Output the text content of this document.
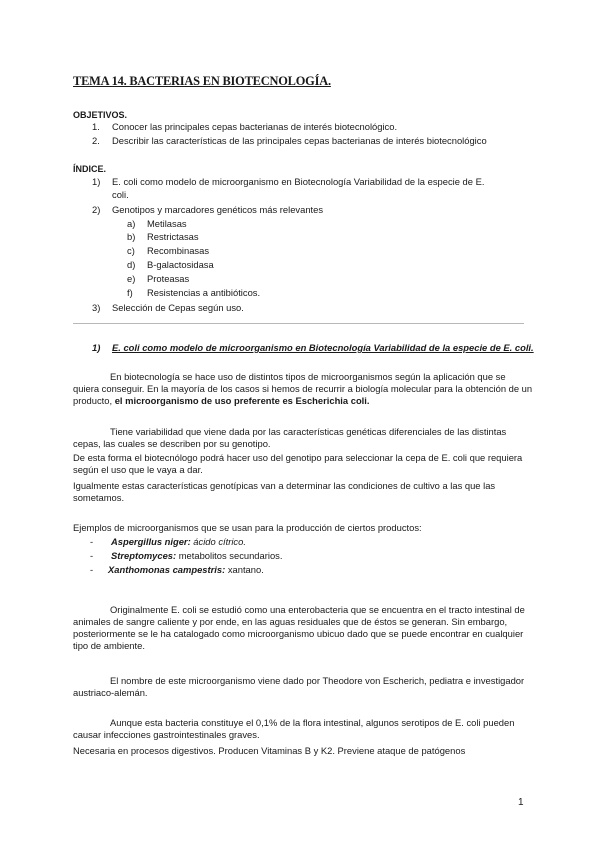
TEMA 14. BACTERIAS EN BIOTECNOLOGÍA.
OBJETIVOS.
1. Conocer las principales cepas bacterianas de interés biotecnológico.
2. Describir las características de las principales cepas bacterianas de interés biotecnológico
ÍNDICE.
1) E. coli como modelo de microorganismo en Biotecnología Variabilidad de la especie de E.
coli.
2) Genotipos y marcadores genéticos más relevantes
a) Metilasas
b) Restrictasas
c) Recombinasas
d) B-galactosidasa
e) Proteasas
f) Resistencias a antibióticos.
3) Selección de Cepas según uso.
1) E. coli como modelo de microorganismo en Biotecnología Variabilidad de la especie de E. coli.
En biotecnología se hace uso de distintos tipos de microorganismos según la aplicación que se quiera conseguir. En la mayoría de los casos si hemos de recurrir a biología molecular para la obtención de un producto, el microorganismo de uso preferente es Escherichia coli.
Tiene variabilidad que viene dada por las características genéticas diferenciales de las distintas cepas, las cuales se describen por su genotipo.
De esta forma el biotecnólogo podrá hacer uso del genotipo para seleccionar la cepa de E. coli que requiera según el uso que le vaya a dar.
Igualmente estas características genotípicas van a determinar las condiciones de cultivo a las que las sometamos.
Ejemplos de microorganismos que se usan para la producción de ciertos productos:
- Aspergillus niger: ácido cítrico.
- Streptomyces: metabolitos secundarios.
- Xanthomonas campestris: xantano.
Originalmente E. coli se estudió como una enterobacteria que se encuentra en el tracto intestinal de animales de sangre caliente y por ende, en las aguas residuales que de éstos se generan. Sin embargo, posteriormente se le ha catalogado como microorganismo ubicuo dado que se puede encontrar en cualquier tipo de ambiente.
El nombre de este microorganismo viene dado por Theodore von Escherich, pediatra e investigador austriaco-alemán.
Aunque esta bacteria constituye el 0,1% de la flora intestinal, algunos serotipos de E. coli pueden causar infecciones gastrointestinales graves.
Necesaria en procesos digestivos. Producen Vitaminas B y K2. Previene ataque de patógenos
1
